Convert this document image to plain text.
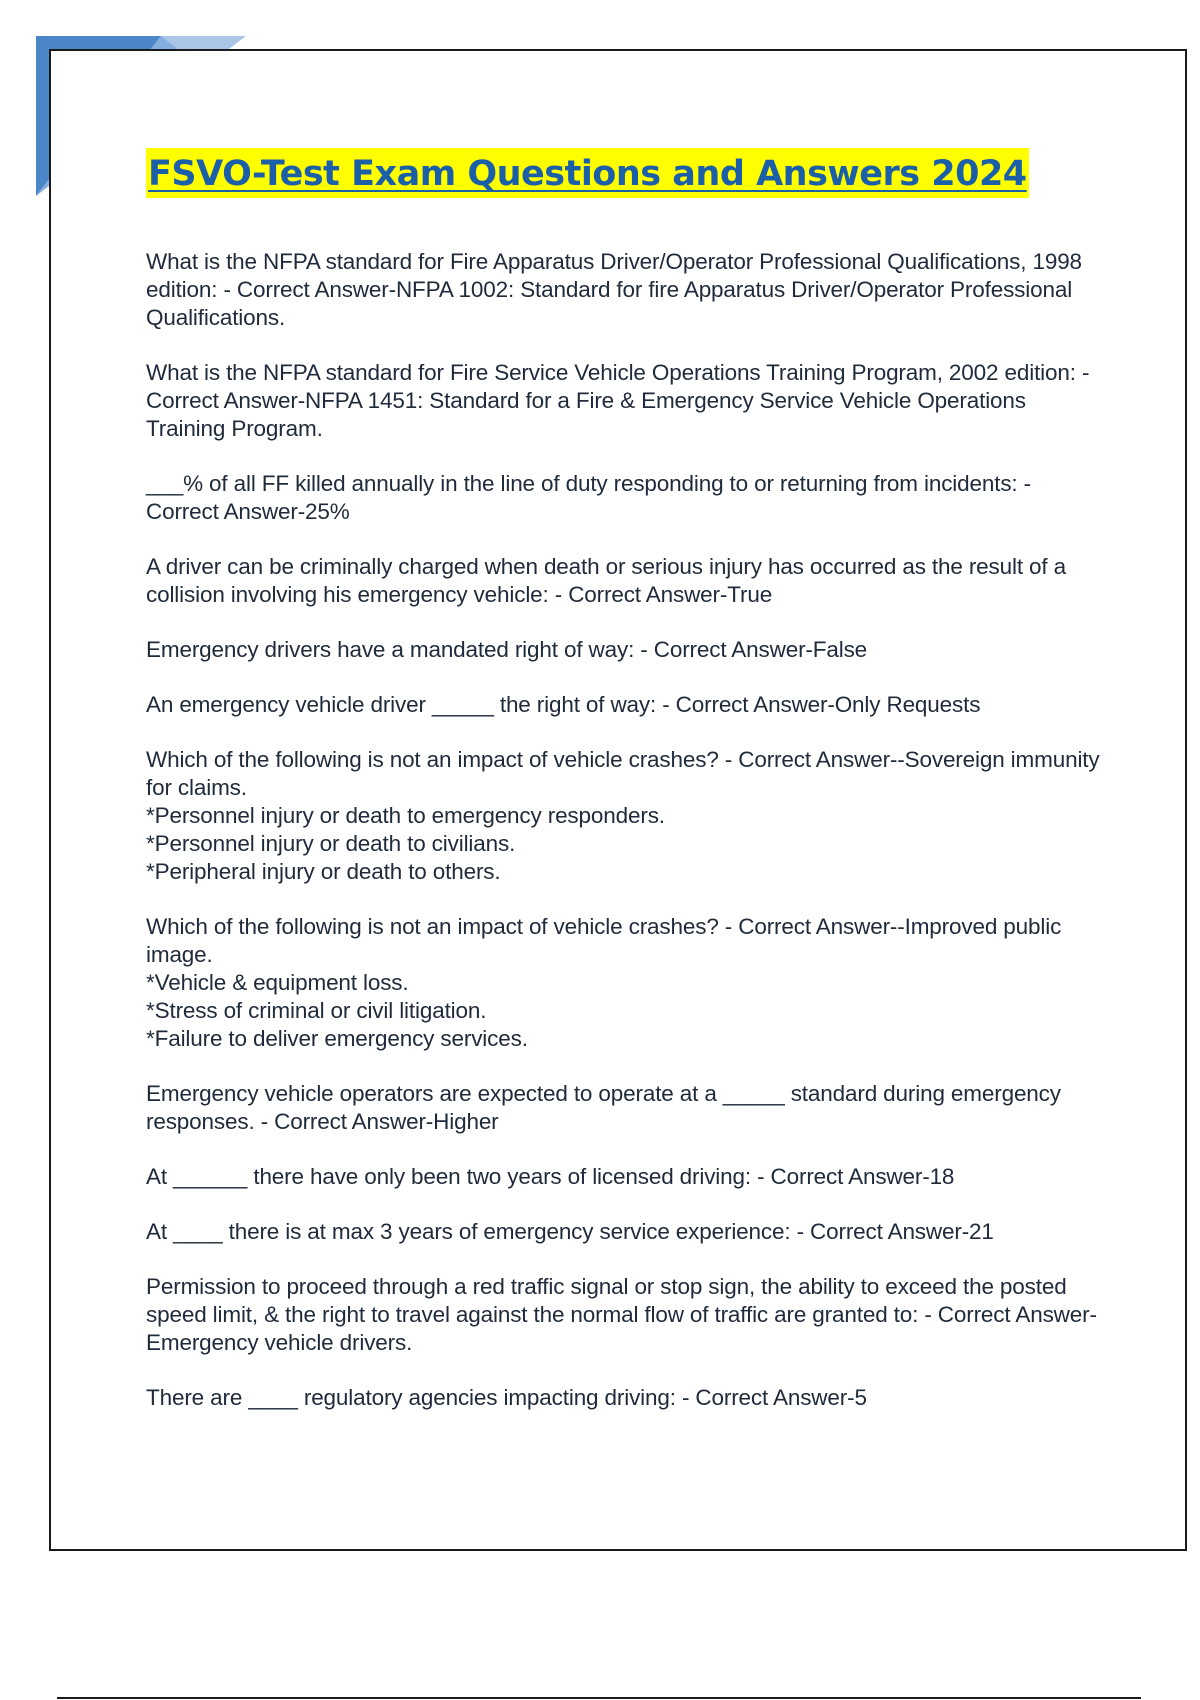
FSVO-Test Exam Questions and Answers 2024
What is the NFPA standard for Fire Apparatus Driver/Operator Professional Qualifications, 1998 edition: - Correct Answer-NFPA 1002: Standard for fire Apparatus Driver/Operator Professional Qualifications.
What is the NFPA standard for Fire Service Vehicle Operations Training Program, 2002 edition: - Correct Answer-NFPA 1451: Standard for a Fire & Emergency Service Vehicle Operations Training Program.
___% of all FF killed annually in the line of duty responding to or returning from incidents: - Correct Answer-25%
A driver can be criminally charged when death or serious injury has occurred as the result of a collision involving his emergency vehicle: - Correct Answer-True
Emergency drivers have a mandated right of way: - Correct Answer-False
An emergency vehicle driver _____ the right of way: - Correct Answer-Only Requests
Which of the following is not an impact of vehicle crashes? - Correct Answer--Sovereign immunity for claims.
*Personnel injury or death to emergency responders.
*Personnel injury or death to civilians.
*Peripheral injury or death to others.
Which of the following is not an impact of vehicle crashes? - Correct Answer--Improved public image.
*Vehicle & equipment loss.
*Stress of criminal or civil litigation.
*Failure to deliver emergency services.
Emergency vehicle operators are expected to operate at a _____ standard during emergency responses. - Correct Answer-Higher
At ______ there have only been two years of licensed driving: - Correct Answer-18
At ____ there is at max 3 years of emergency service experience: - Correct Answer-21
Permission to proceed through a red traffic signal or stop sign, the ability to exceed the posted speed limit, & the right to travel against the normal flow of traffic are granted to: - Correct Answer-Emergency vehicle drivers.
There are ____ regulatory agencies impacting driving: - Correct Answer-5
